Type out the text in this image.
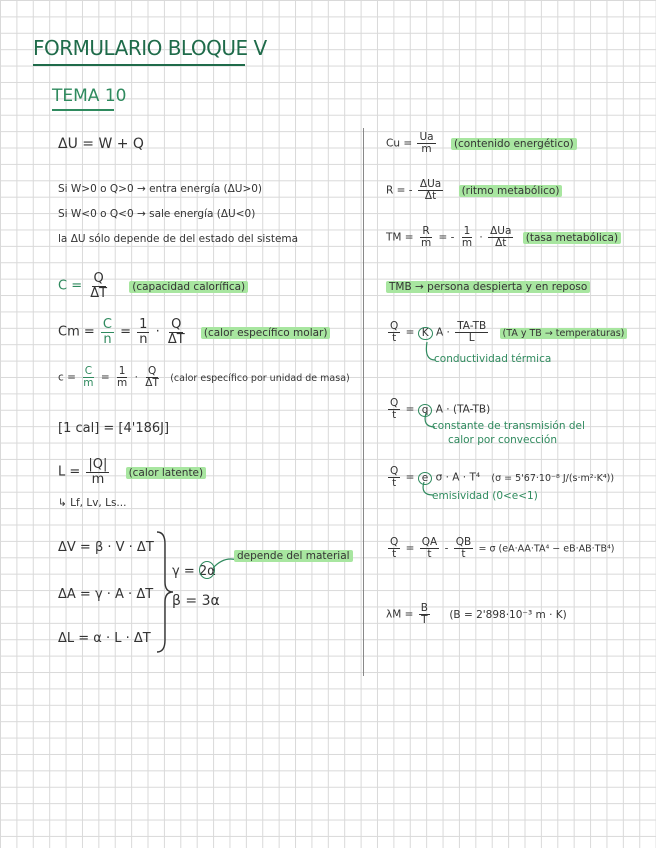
FORMULARIO BLOQUE V
TEMA 10
ΔU = W + Q
Si W>0 o Q>0 → entra energía (ΔU>0)
Si W<0 o Q<0 → sale energía (ΔU<0)
la ΔU sólo depende de del estado del sistema
$C = \frac{Q}{\Delta T}$ (capacidad calorífica)
$Cm = \frac{C}{n} = \frac{1}{n} \cdot \frac{Q}{\Delta T}$ (calor específico molar)
$c = \frac{C}{m} = \frac{1}{m} \cdot \frac{Q}{\Delta T}$ (calor específico por unidad de masa)
[1 cal] = [4'186J]
$L = \frac{|Q|}{m}$ (calor latente)
↳ Lf, Lv, Ls...
ΔV = β · V · ΔT
ΔA = γ · A · ΔT
ΔL = α · L · ΔT
γ = 2α
β = 3α
depende del material
$Cu = \frac{Ua}{m}$ (contenido energético)
R = - $\frac{\text{ΔUa}}{\Delta t}$ (ritmo metabólico)
TM = $\frac{R}{m}$ = - $\frac{1}{m} \cdot \frac{\text{ΔUa}}{\Delta t}$ (tasa metabólica)
TMB → persona despierta y en reposo
$\frac{Q}{t} = K$ $A \cdot \frac{TA-TB}{L} (TA$ y TB → temperaturas)
conductividad térmica
$\frac{Q}{t} = q$ A · (TA-TB)
constante de transmisión del
calor por convección
$\frac{Q}{t} = e$ σ · A · T⁴ (σ = 5'67·10⁻⁸ J/(s·m²·K⁴))
emisividad (0<e<1)
$\frac{Q}{t} = \frac{QA}{t} - \frac{QB}{t} = \sigma$ (eA·AA·TA⁴ − eB·AB·TB⁴)
$\lambda M = \frac{B}{T} (B = 2'898\cdot 10^{-3}$ m · K)
